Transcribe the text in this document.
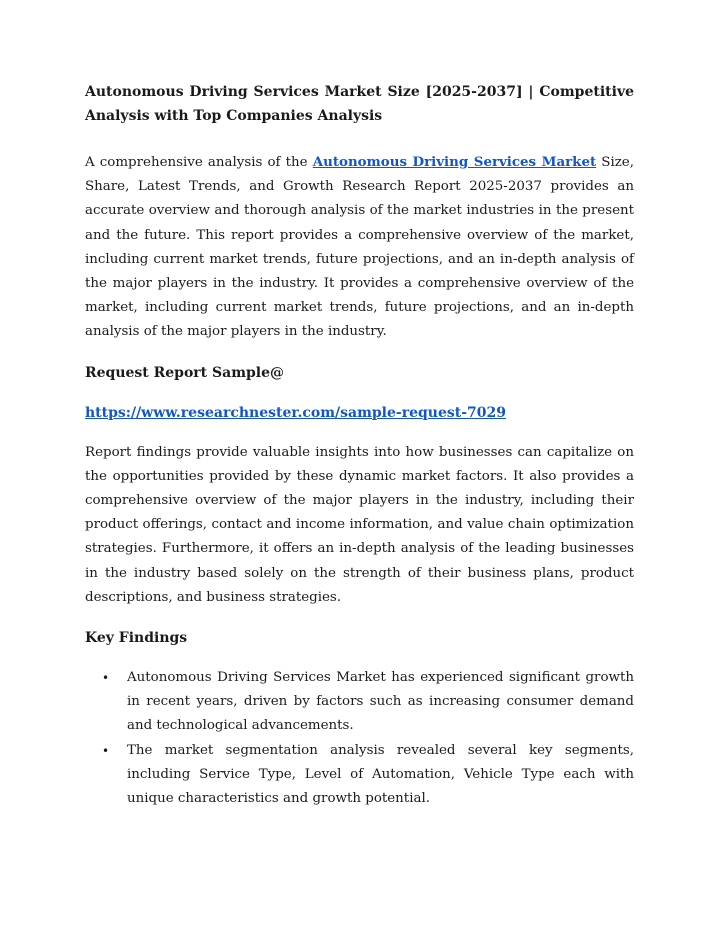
Autonomous Driving Services Market Size [2025-2037] | Competitive Analysis with Top Companies Analysis

A comprehensive analysis of the Autonomous Driving Services Market Size, Share, Latest Trends, and Growth Research Report 2025-2037 provides an accurate overview and thorough analysis of the market industries in the present and the future. This report provides a comprehensive overview of the market, including current market trends, future projections, and an in-depth analysis of the major players in the industry. It provides a comprehensive overview of the market, including current market trends, future projections, and an in-depth analysis of the major players in the industry.

Request Report Sample@

https://www.researchnester.com/sample-request-7029

Report findings provide valuable insights into how businesses can capitalize on the opportunities provided by these dynamic market factors. It also provides a comprehensive overview of the major players in the industry, including their product offerings, contact and income information, and value chain optimization strategies. Furthermore, it offers an in-depth analysis of the leading businesses in the industry based solely on the strength of their business plans, product descriptions, and business strategies.

Key Findings

• Autonomous Driving Services Market has experienced significant growth in recent years, driven by factors such as increasing consumer demand and technological advancements.
• The market segmentation analysis revealed several key segments, including Service Type, Level of Automation, Vehicle Type each with unique characteristics and growth potential.
